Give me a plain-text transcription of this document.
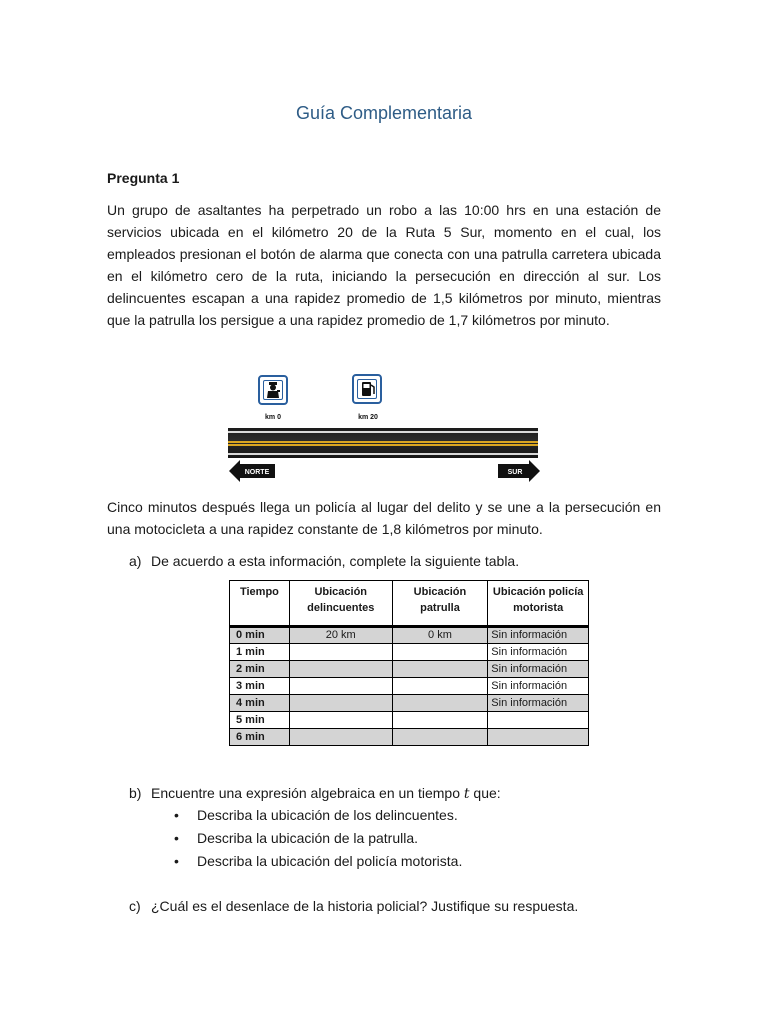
Guía Complementaria
Pregunta 1

Un grupo de asaltantes ha perpetrado un robo a las 10:00 hrs en una estación de servicios ubicada en el kilómetro 20 de la Ruta 5 Sur, momento en el cual, los empleados presionan el botón de alarma que conecta con una patrulla carretera ubicada en el kilómetro cero de la ruta, iniciando la persecución en dirección al sur. Los delincuentes escapan a una rapidez promedio de 1,5 kilómetros por minuto, mientras que la patrulla los persigue a una rapidez promedio de 1,7 kilómetros por minuto.

km 0	km 20
NORTE	SUR

Cinco minutos después llega un policía al lugar del delito y se une a la persecución en una motocicleta a una rapidez constante de 1,8 kilómetros por minuto.

a) De acuerdo a esta información, complete la siguiente tabla.
Tiempo	Ubicación delincuentes	Ubicación patrulla	Ubicación policía motorista
0 min	20 km	0 km	Sin información
1 min			Sin información
2 min			Sin información
3 min			Sin información
4 min			Sin información
5 min			
6 min			
b) Encuentre una expresión algebraica en un tiempo t que:
• Describa la ubicación de los delincuentes.
• Describa la ubicación de la patrulla.
• Describa la ubicación del policía motorista.
c) ¿Cuál es el desenlace de la historia policial? Justifique su respuesta.
